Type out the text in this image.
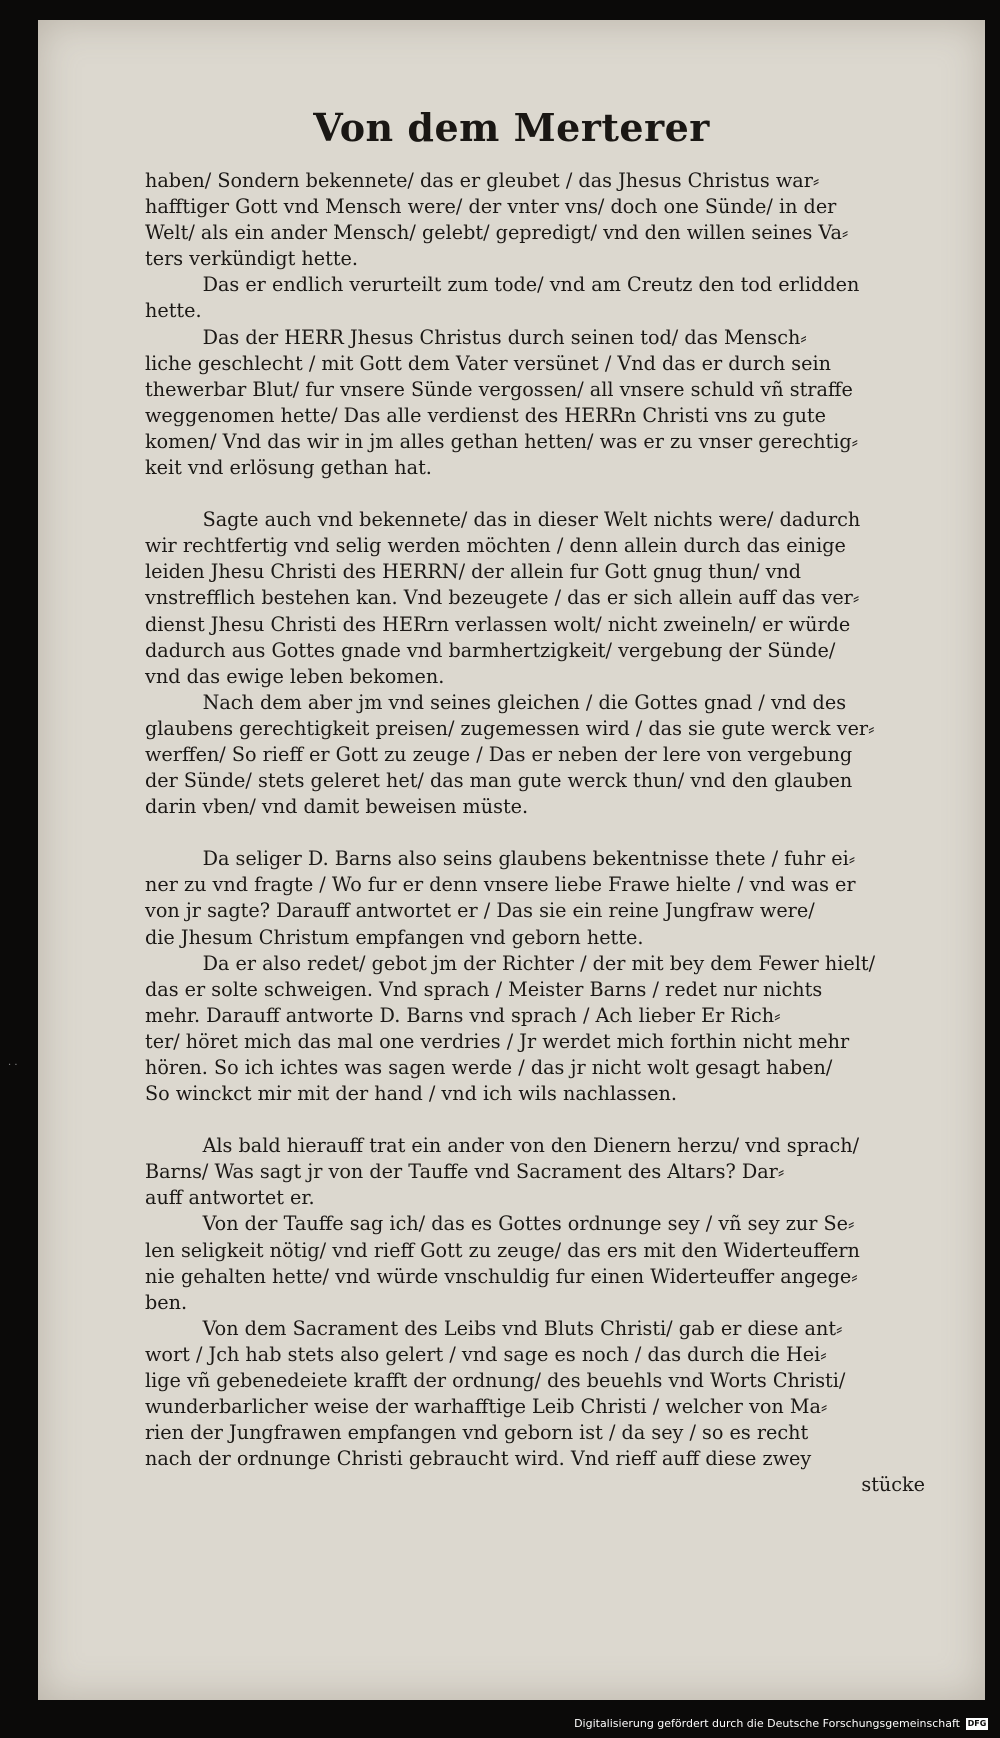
Von dem Merterer
haben/ Sondern bekennete/ das er gleubet / das Jhesus Christus war⸗
hafftiger Gott vnd Mensch were/ der vnter vns/ doch one Sünde/ in der
Welt/ als ein ander Mensch/ gelebt/ gepredigt/ vnd den willen seines Va⸗
ters verkündigt hette.
   Das er endlich verurteilt zum tode/ vnd am Creutz den tod erlidden
hette.
   Das der HERR Jhesus Christus durch seinen tod/ das Mensch⸗
liche geschlecht / mit Gott dem Vater versünet / Vnd das er durch sein
thewerbar Blut/ fur vnsere Sünde vergossen/ all vnsere schuld vñ straffe
weggenomen hette/ Das alle verdienst des HERRn Christi vns zu gute
komen/ Vnd das wir in jm alles gethan hetten/ was er zu vnser gerechtig⸗
keit vnd erlösung gethan hat.
   Sagte auch vnd bekennete/ das in dieser Welt nichts were/ dadurch
wir rechtfertig vnd selig werden möchten / denn allein durch das einige
leiden Jhesu Christi des HERRN/ der allein fur Gott gnug thun/ vnd
vnstrefflich bestehen kan. Vnd bezeugete / das er sich allein auff das ver⸗
dienst Jhesu Christi des HERrn verlassen wolt/ nicht zweineln/ er würde
dadurch aus Gottes gnade vnd barmhertzigkeit/ vergebung der Sünde/
vnd das ewige leben bekomen.
   Nach dem aber jm vnd seines gleichen / die Gottes gnad / vnd des
glaubens gerechtigkeit preisen/ zugemessen wird / das sie gute werck ver⸗
werffen/ So rieff er Gott zu zeuge / Das er neben der lere von vergebung
der Sünde/ stets geleret het/ das man gute werck thun/ vnd den glauben
darin vben/ vnd damit beweisen müste.
   Da seliger D. Barns also seins glaubens bekentnisse thete / fuhr ei⸗
ner zu vnd fragte / Wo fur er denn vnsere liebe Frawe hielte / vnd was er
von jr sagte? Darauff antwortet er / Das sie ein reine Jungfraw were/
die Jhesum Christum empfangen vnd geborn hette.
   Da er also redet/ gebot jm der Richter / der mit bey dem Fewer hielt/
das er solte schweigen. Vnd sprach / Meister Barns / redet nur nichts
mehr. Darauff antworte D. Barns vnd sprach / Ach lieber Er Rich⸗
ter/ höret mich das mal one verdries / Jr werdet mich forthin nicht mehr
hören. So ich ichtes was sagen werde / das jr nicht wolt gesagt haben/
So winckct mir mit der hand / vnd ich wils nachlassen.
   Als bald hierauff trat ein ander von den Dienern herzu/ vnd sprach/
Barns/ Was sagt jr von der Tauffe vnd Sacrament des Altars? Dar⸗
auff antwortet er.
   Von der Tauffe sag ich/ das es Gottes ordnunge sey / vñ sey zur Se⸗
len seligkeit nötig/ vnd rieff Gott zu zeuge/ das ers mit den Widerteuffern
nie gehalten hette/ vnd würde vnschuldig fur einen Widerteuffer angege⸗
ben.
   Von dem Sacrament des Leibs vnd Bluts Christi/ gab er diese ant⸗
wort / Jch hab stets also gelert / vnd sage es noch / das durch die Hei⸗
lige vñ gebenedeiete krafft der ordnung/ des beuehls vnd Worts Christi/
wunderbarlicher weise der warhafftige Leib Christi / welcher von Ma⸗
rien der Jungfrawen empfangen vnd geborn ist / da sey / so es recht
nach der ordnunge Christi gebraucht wird. Vnd rieff auff diese zwey
stücke
· ·
Digitalisierung gefördert durch die Deutsche Forschungsgemeinschaft DFG
